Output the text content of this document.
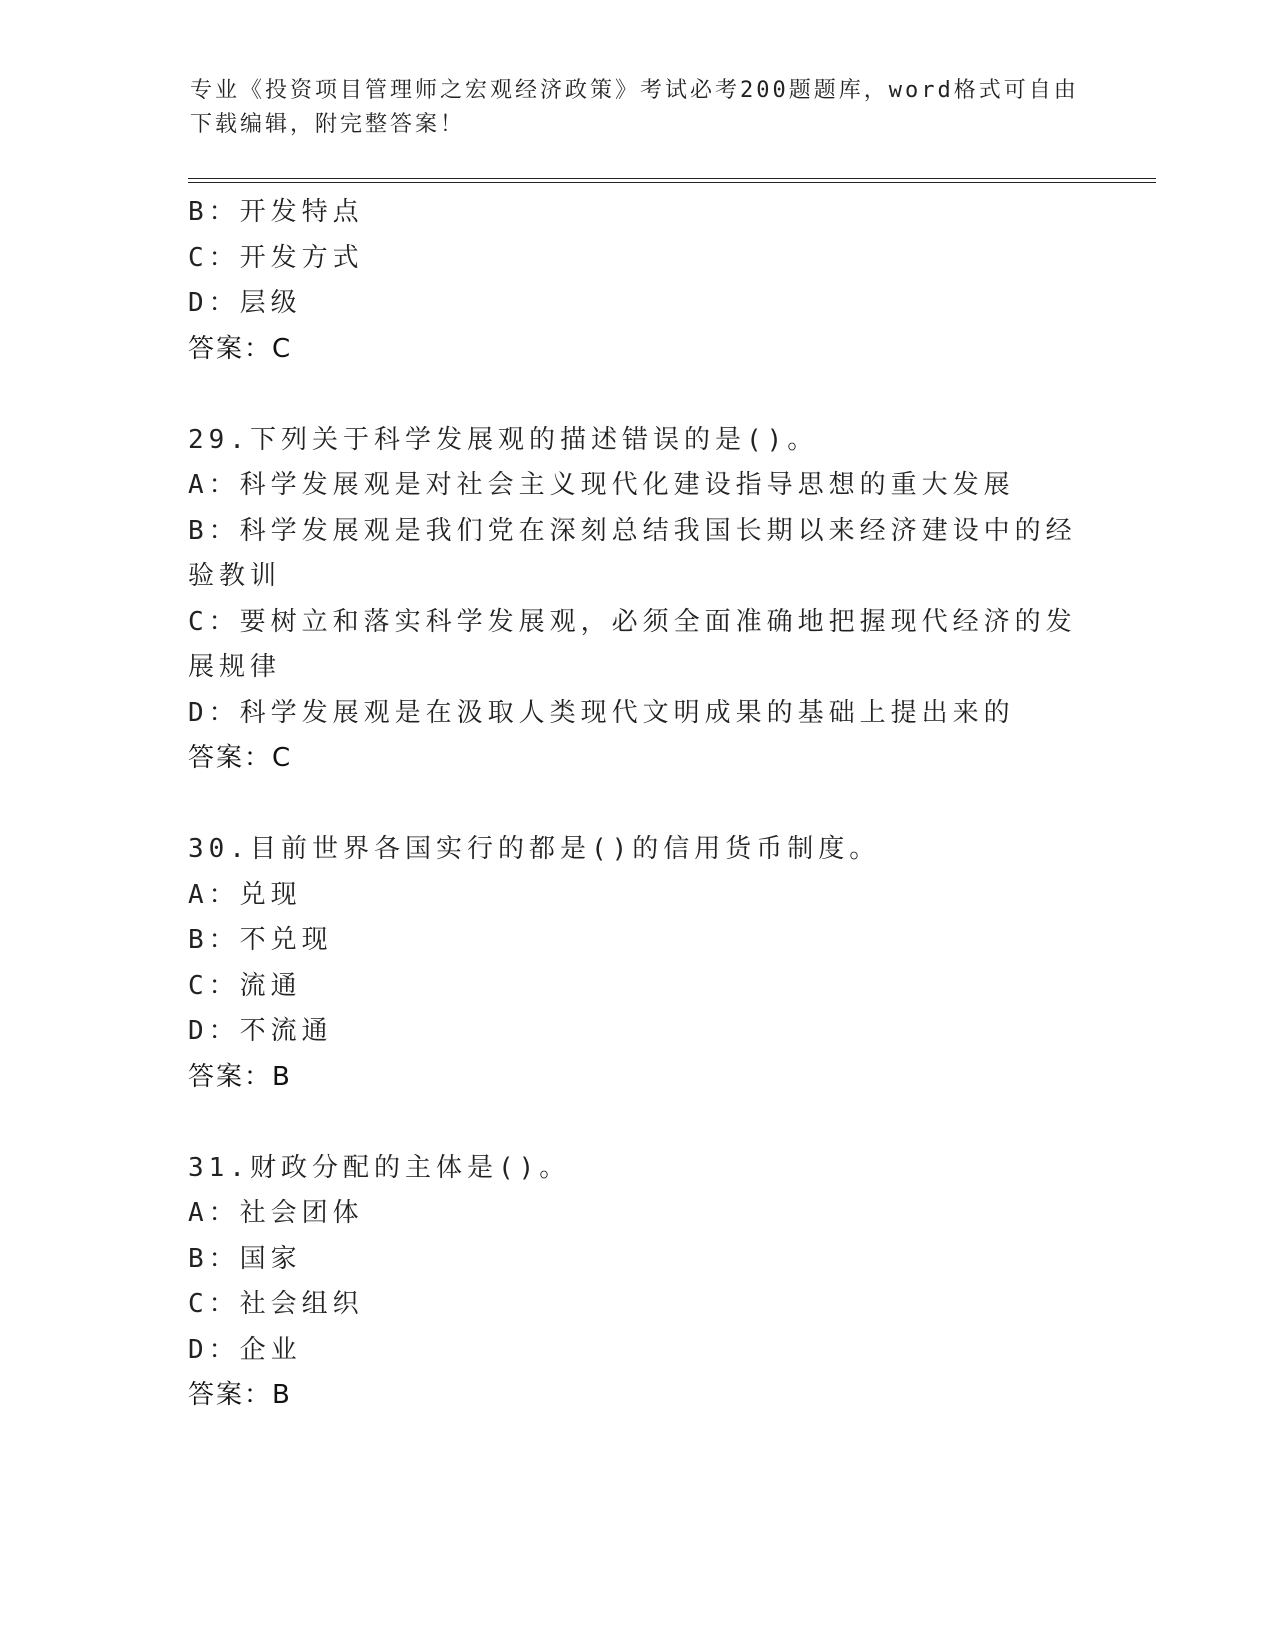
专业《投资项目管理师之宏观经济政策》考试必考200题题库，word格式可自由下载编辑，附完整答案！
B：开发特点
C：开发方式
D：层级
答案：C
29.下列关于科学发展观的描述错误的是()。
A：科学发展观是对社会主义现代化建设指导思想的重大发展
B：科学发展观是我们党在深刻总结我国长期以来经济建设中的经验教训
C：要树立和落实科学发展观，必须全面准确地把握现代经济的发展规律
D：科学发展观是在汲取人类现代文明成果的基础上提出来的
答案：C
30.目前世界各国实行的都是()的信用货币制度。
A：兑现
B：不兑现
C：流通
D：不流通
答案：B
31.财政分配的主体是()。
A：社会团体
B：国家
C：社会组织
D：企业
答案：B
